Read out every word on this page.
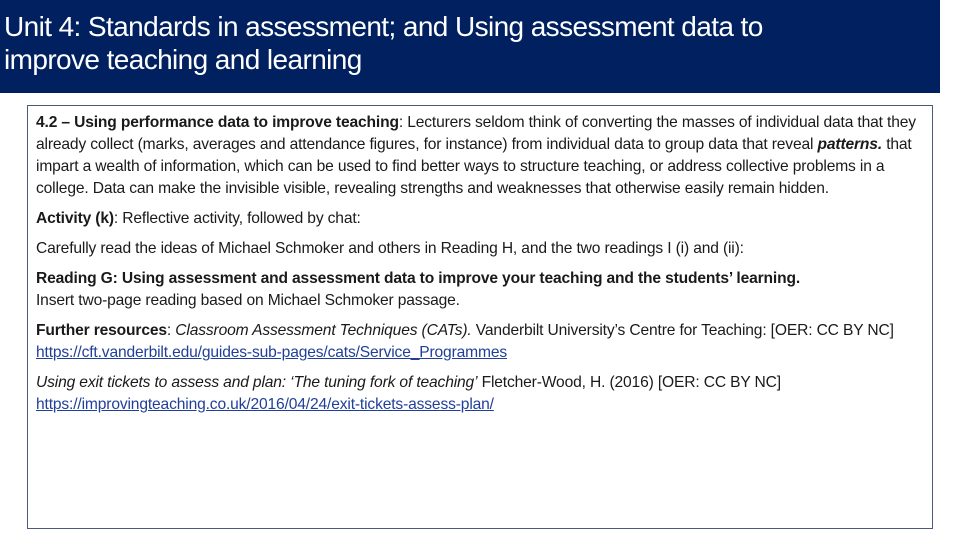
Unit 4: Standards in assessment; and Using assessment data to
improve teaching and learning

4.2 – Using performance data to improve teaching: Lecturers seldom think of converting the masses of individual data that they already collect (marks, averages and attendance figures, for instance) from individual data to group data that reveal patterns. that impart a wealth of information, which can be used to find better ways to structure teaching, or address collective problems in a college. Data can make the invisible visible, revealing strengths and weaknesses that otherwise easily remain hidden.

Activity (k): Reflective activity, followed by chat:

Carefully read the ideas of Michael Schmoker and others in Reading H, and the two readings I (i) and (ii):

Reading G: Using assessment and assessment data to improve your teaching and the students’ learning.
Insert two-page reading based on Michael Schmoker passage.

Further resources: Classroom Assessment Techniques (CATs). Vanderbilt University’s Centre for Teaching: [OER: CC BY NC] https://cft.vanderbilt.edu/guides-sub-pages/cats/Service_Programmes

Using exit tickets to assess and plan: ‘The tuning fork of teaching’ Fletcher-Wood, H. (2016) [OER: CC BY NC]
https://improvingteaching.co.uk/2016/04/24/exit-tickets-assess-plan/
